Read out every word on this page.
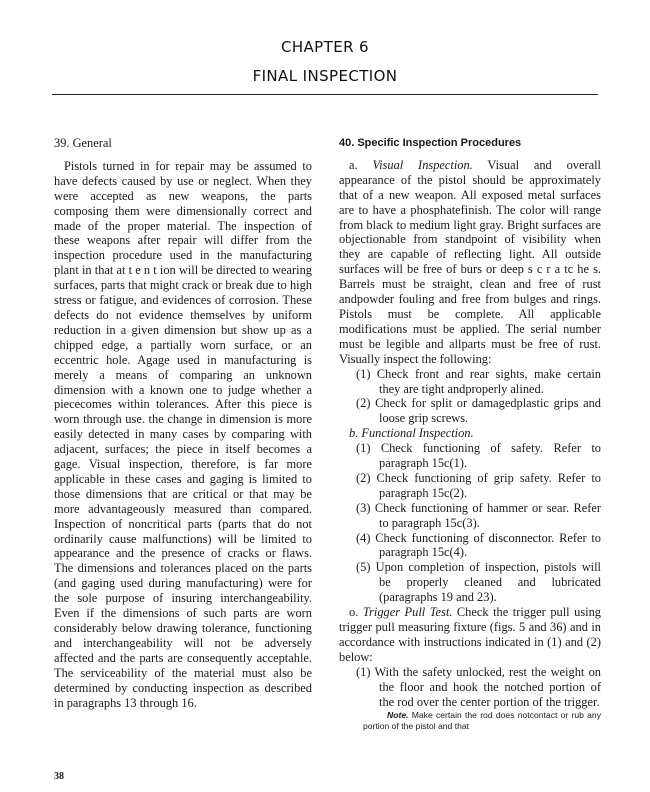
CHAPTER 6
FINAL INSPECTION

39. General

Pistols turned in for repair may be assumed to have defects caused by use or neglect. When they were accepted as new weapons, the parts composing them were dimensionally correct and made of the proper material. The inspection of these weapons after repair will differ from the inspection procedure used in the manufacturing plant in that at t e n t ion will be directed to wearing surfaces, parts that might crack or break due to high stress or fatigue, and evidences of corrosion. These defects do not evidence themselves by uniform reduction in a given dimension but show up as a chipped edge, a partially worn surface, or an eccentric hole. Agage used in manufacturing is merely a means of comparing an unknown dimension with a known one to judge whether a piececomes within tolerances. After this piece is worn through use. the change in dimension is more easily detected in many cases by comparing with adjacent, surfaces; the piece in itself becomes a gage. Visual inspection, therefore, is far more applicable in these cases and gaging is limited to those dimensions that are critical or that may be more advantageously measured than compared. Inspection of noncritical parts (parts that do not ordinarily cause malfunctions) will be limited to appearance and the presence of cracks or flaws. The dimensions and tolerances placed on the parts (and gaging used during manufacturing) were for the sole purpose of insuring interchangeability. Even if the dimensions of such parts are worn considerably below drawing tolerance, functioning and interchangeability will not be adversely affected and the parts are consequently acceptahle. The serviceability of the material must also be determined by conducting inspection as described in paragraphs 13 through 16.

40. Specific Inspection Procedures

a. Visual Inspection. Visual and overall appearance of the pistol should be approximately that of a new weapon. All exposed metal surfaces are to have a phosphatefinish. The color will range from black to medium light gray. Bright surfaces are objectionable from standpoint of visibility when they are capable of reflecting light. All outside surfaces will be free of burs or deep s c r a tc he s. Barrels must be straight, clean and free of rust andpowder fouling and free from bulges and rings. Pistols must be complete. All applicable modifications must be applied. The serial number must be legible and allparts must be free of rust. Visually inspect the following:

(1) Check front and rear sights, make certain they are tight andproperly alined.

(2) Check for split or damagedplastic grips and loose grip screws.

b. Functional Inspection.

(1) Check functioning of safety. Refer to paragraph 15c(1).

(2) Check functioning of grip safety. Refer to paragraph 15c(2).

(3) Check functioning of hammer or sear. Refer to paragraph 15c(3).

(4) Check functioning of disconnector. Refer to paragraph 15c(4).

(5) Upon completion of inspection, pistols will be properly cleaned and lubricated (paragraphs 19 and 23).

o. Trigger Pull Test. Check the trigger pull using trigger pull measuring fixture (figs. 5 and 36) and in accordance with instructions indicated in (1) and (2) below:

(1) With the safety unlocked, rest the weight on the floor and hook the notched portion of the rod over the center portion of the trigger.

Note. Make certain the rod does notcontact or rub any portion of the pistol and that

38
